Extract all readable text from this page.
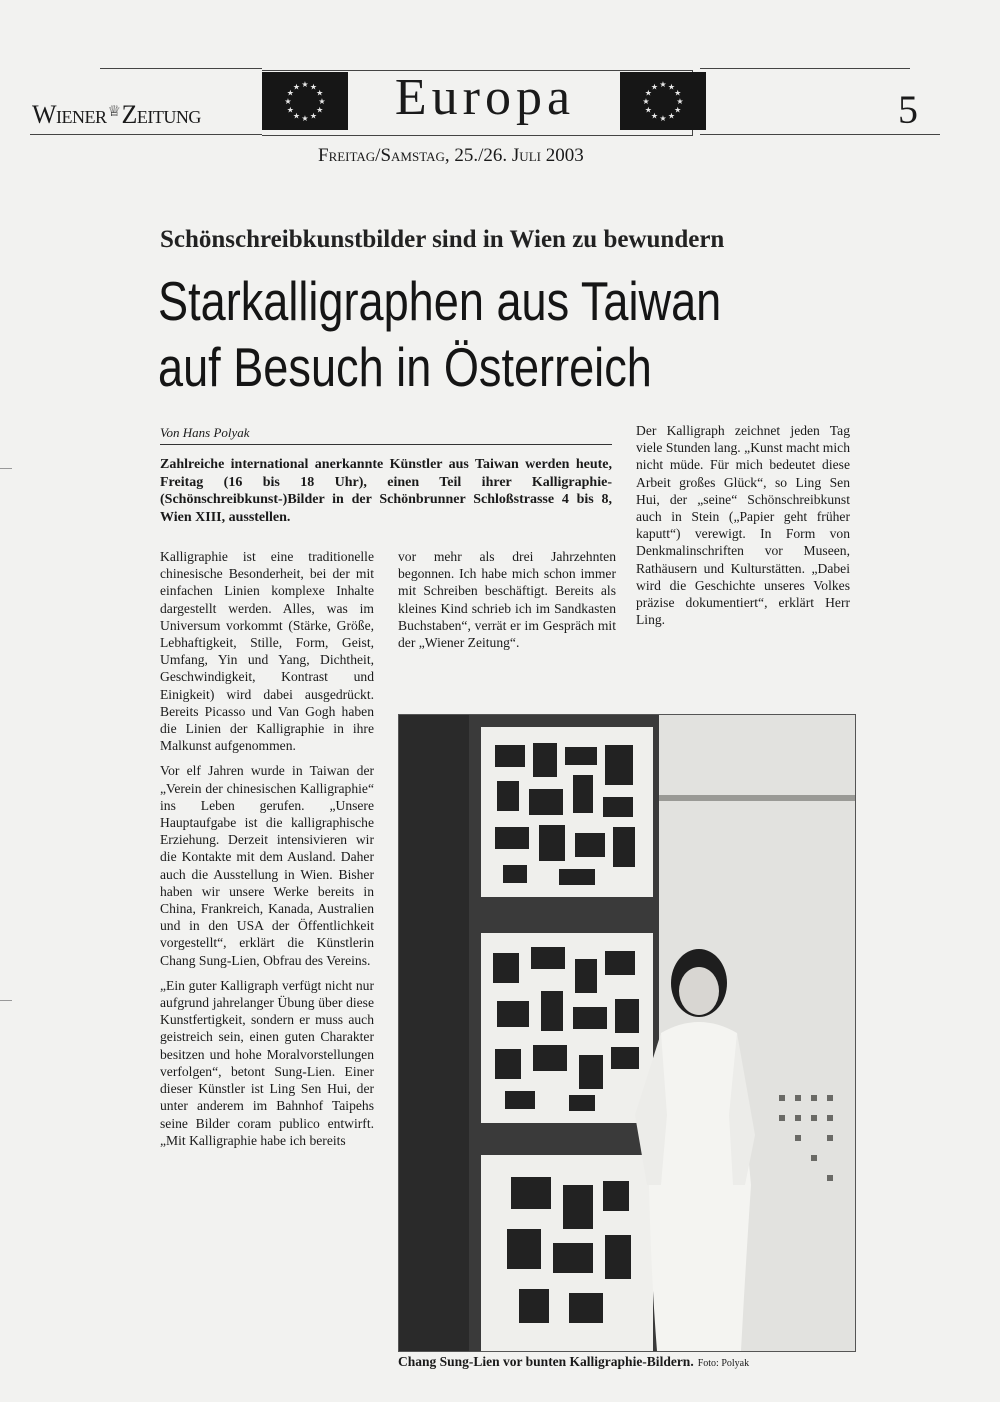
Wiener♕Zeitung	★
★
★
★
★
★
★
★
★ ★ ★
★
★
★
★
★
★
★
★
★
★ ★ ★
★
Europa	5
Freitag/Samstag, 25./26. Juli 2003
Schönschreibkunstbilder sind in Wien zu bewundern
Starkalligraphen aus Taiwan
auf Besuch in Österreich
Von Hans Polyak
Zahlreiche international anerkannte Künstler aus Taiwan werden heute, Freitag (16 bis 18 Uhr), einen Teil ihrer Kalligraphie-(Schönschreibkunst-)Bilder in der Schönbrunner Schloßstrasse 4 bis 8, Wien XIII, ausstellen.

Kalligraphie ist eine traditionelle chinesische Besonderheit, bei der mit einfachen Linien komplexe Inhalte dargestellt werden. Alles, was im Universum vorkommt (Stärke, Größe, Lebhaftigkeit, Stille, Form, Geist, Umfang, Yin und Yang, Dichtheit, Geschwindigkeit, Kontrast und Einigkeit) wird dabei ausgedrückt. Bereits Picasso und Van Gogh haben die Linien der Kalligraphie in ihre Malkunst aufgenommen.

Vor elf Jahren wurde in Taiwan der „Verein der chinesischen Kalligraphie“ ins Leben gerufen. „Unsere Hauptaufgabe ist die kalligraphische Erziehung. Derzeit intensivieren wir die Kontakte mit dem Ausland. Daher auch die Ausstellung in Wien. Bisher haben wir unsere Werke bereits in China, Frankreich, Kanada, Australien und in den USA der Öffentlichkeit vorgestellt“, erklärt die Künstlerin Chang Sung-Lien, Obfrau des Vereins.

„Ein guter Kalligraph verfügt nicht nur aufgrund jahrelanger Übung über diese Kunstfertigkeit, sondern er muss auch geistreich sein, einen guten Charakter besitzen und hohe Moralvorstellungen verfolgen“, betont Sung-Lien. Einer dieser Künstler ist Ling Sen Hui, der unter anderem im Bahnhof Taipehs seine Bilder coram publico entwirft. „Mit Kalligraphie habe ich bereits

vor mehr als drei Jahrzehnten begonnen. Ich habe mich schon immer mit Schreiben beschäftigt. Bereits als kleines Kind schrieb ich im Sandkasten Buchstaben“, verrät er im Gespräch mit der „Wiener Zeitung“.

Der Kalligraph zeichnet jeden Tag viele Stunden lang. „Kunst macht mich nicht müde. Für mich bedeutet diese Arbeit großes Glück“, so Ling Sen Hui, der „seine“ Schönschreibkunst auch in Stein („Papier geht früher kaputt“) verewigt. In Form von Denkmalinschriften vor Museen, Rathäusern und Kulturstätten. „Dabei wird die Geschichte unseres Volkes präzise dokumentiert“, erklärt Herr Ling.

Chang Sung-Lien vor bunten Kalligraphie-Bildern. Foto: Polyak
